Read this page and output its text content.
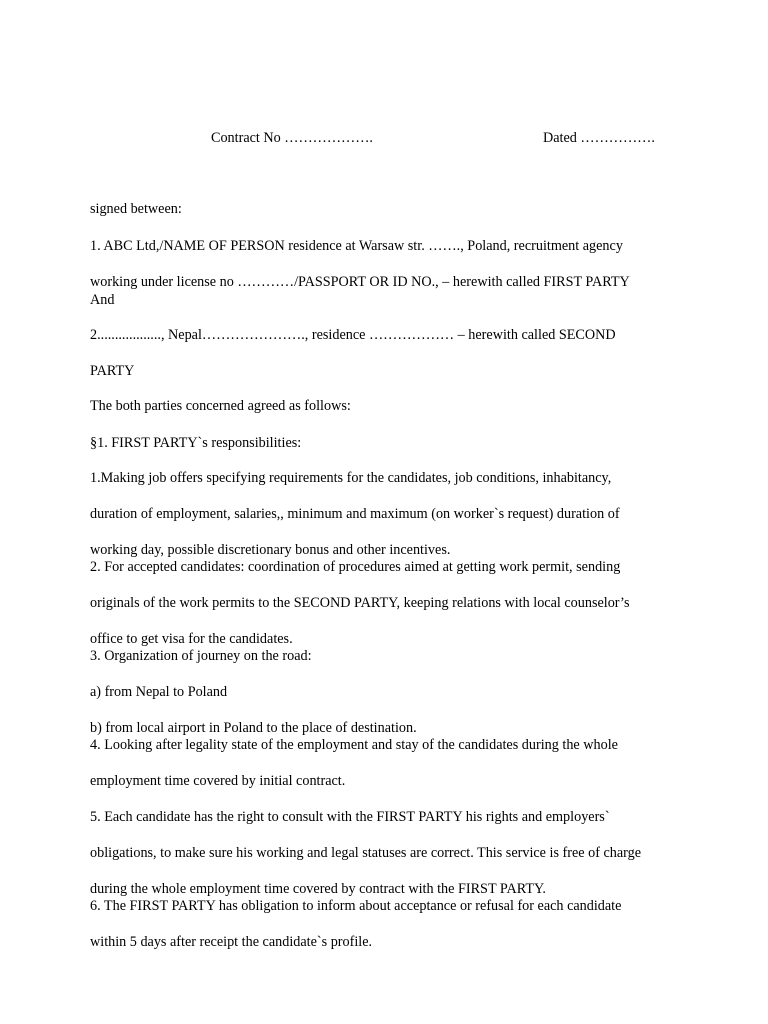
Contract No ……………….	Dated …………….

signed between:

1. ABC Ltd,/NAME OF PERSON residence at Warsaw str. ……., Poland, recruitment agency

working under license no …………/PASSPORT OR ID NO., – herewith called FIRST PARTY

And

2.................., Nepal…………………., residence ……………… – herewith called SECOND

PARTY

The both parties concerned agreed as follows:

§1. FIRST PARTY`s responsibilities:

1.Making job offers specifying requirements for the candidates, job conditions, inhabitancy,

duration of employment, salaries,, minimum and maximum (on worker`s request) duration of

working day, possible discretionary bonus and other incentives.

2. For accepted candidates: coordination of procedures aimed at getting work permit, sending

originals of the work permits to the SECOND PARTY, keeping relations with local counselor’s

office to get visa for the candidates.

3. Organization of journey on the road:

a) from Nepal to Poland

b) from local airport in Poland to the place of destination.

4. Looking after legality state of the employment and stay of the candidates during the whole

employment time covered by initial contract.

5. Each candidate has the right to consult with the FIRST PARTY his rights and employers`

obligations, to make sure his working and legal statuses are correct. This service is free of charge

during the whole employment time covered by contract with the FIRST PARTY.

6. The FIRST PARTY has obligation to inform about acceptance or refusal for each candidate

within 5 days after receipt the candidate`s profile.
